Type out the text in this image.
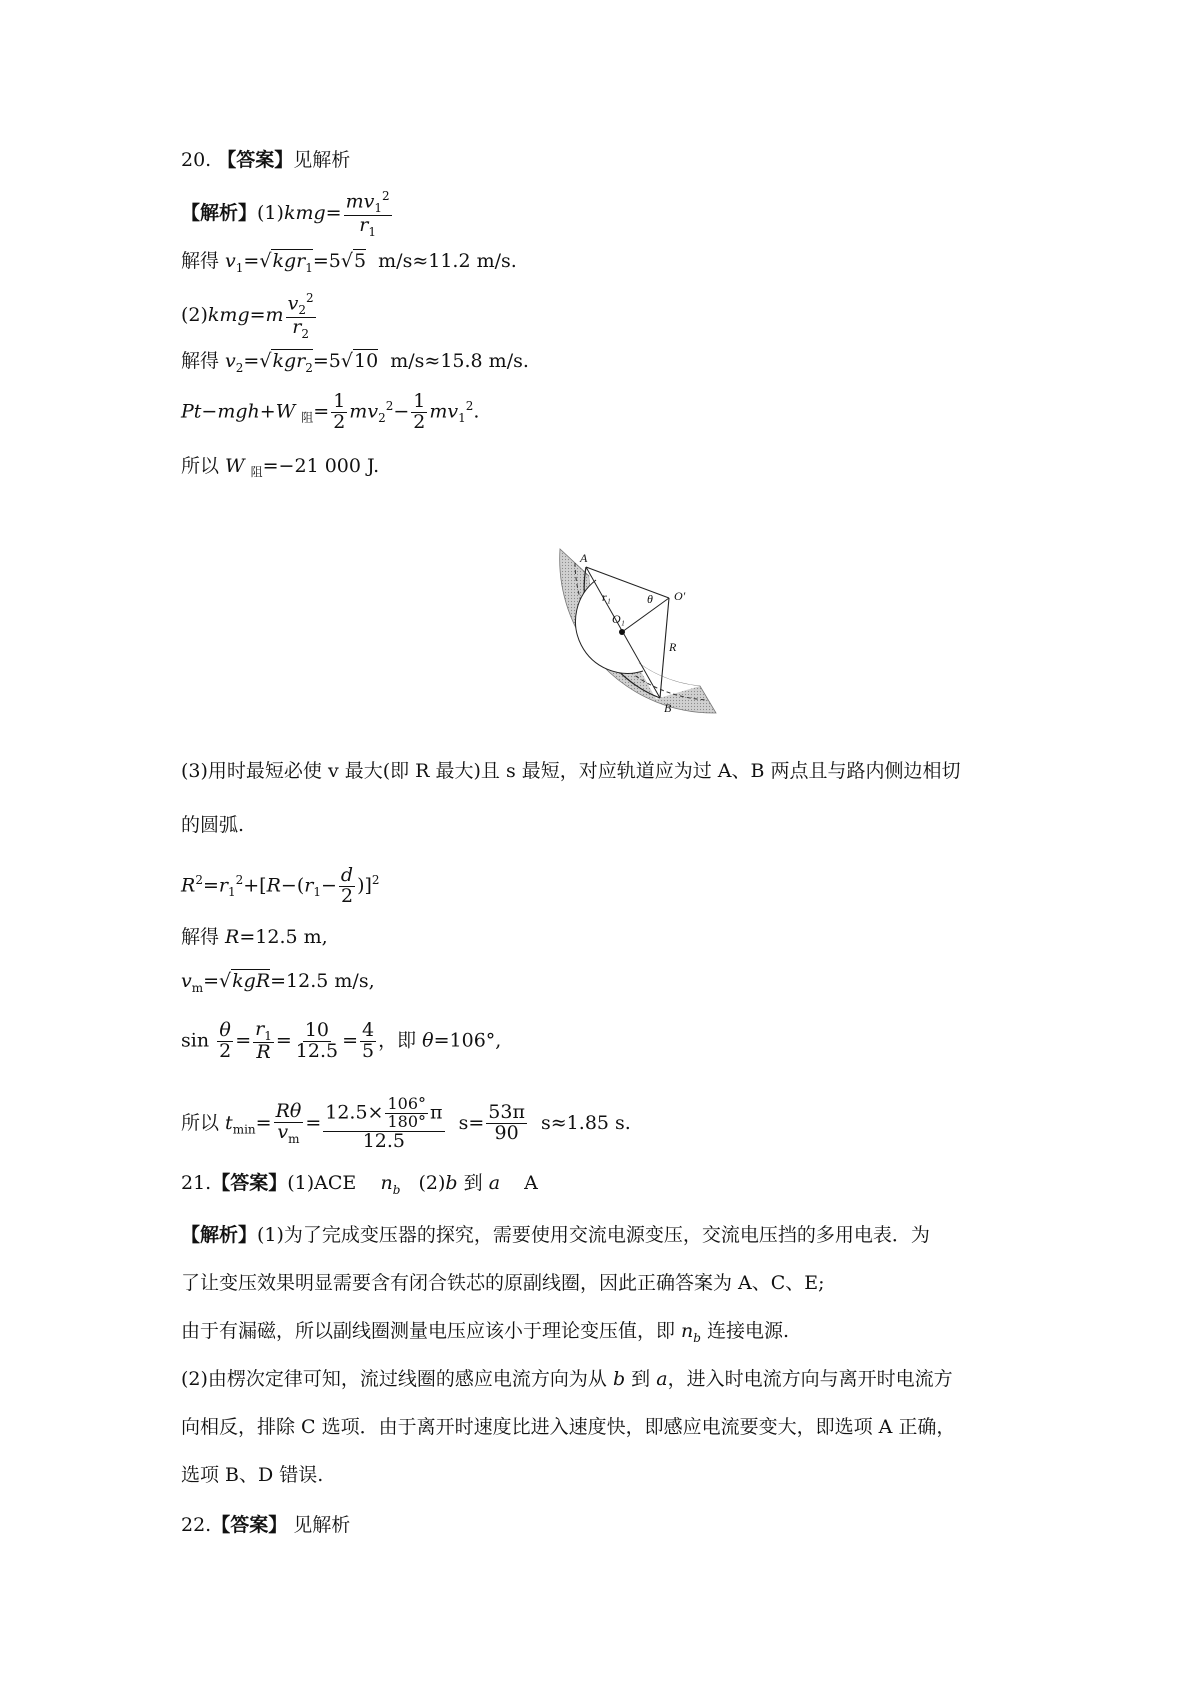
20. 【答案】见解析
【解析】$(1)kmg= \frac{mv_1^2}{r_1}$
解得 $v_1=√kgr_1=5√5$  m/s≈11.2 m/s.
$(2)kmg=m \frac{v_2^2}{r_2}$
解得 $v_2=√kgr_2=5√10$  m/s≈15.8 m/s.
Pt−mgh+W $_阻= \frac{1}{2} mv_2^2- \frac{1}{2} mv_1^2$.
所以 W $_阻$=−21 000 J.
A
B
O′
O₁
r₁	θ
R
(3)用时最短必使 v 最大(即 R 最大)且 s 最短，对应轨道应为过 A、B 两点且与路内侧边相切
的圆弧.
$R^2=r_1^2+[R-(r_1- \frac{d}{2} )]^2$
解得 R=12.5 m,
$v_m=√kgR=12.5$ m/s,
$\sin \frac{\theta}{2} = \frac{r_1}{R} = \frac{10}{12.5} = \frac{4}{5}$ ，即 θ=106°,
所以 $t_{min}= \frac{R\theta}{v_m} = \frac{12.5\times \frac{106^\circ}{180^\circ} \pi}{12.5} s= \frac{53\pi}{90} s\approx 1.85$ s.
21.【答案】(1)ACE    $n_b$   (2)b 到 a    A
【解析】(1)为了完成变压器的探究，需要使用交流电源变压，交流电压挡的多用电表．为
了让变压效果明显需要含有闭合铁芯的原副线圈，因此正确答案为 A、C、E;
由于有漏磁，所以副线圈测量电压应该小于理论变压值，即 $n_b$ 连接电源.
(2)由楞次定律可知，流过线圈的感应电流方向为从 b 到 a，进入时电流方向与离开时电流方
向相反，排除 C 选项．由于离开时速度比进入速度快，即感应电流要变大，即选项 A 正确，
选项 B、D 错误.
22.【答案】 见解析
